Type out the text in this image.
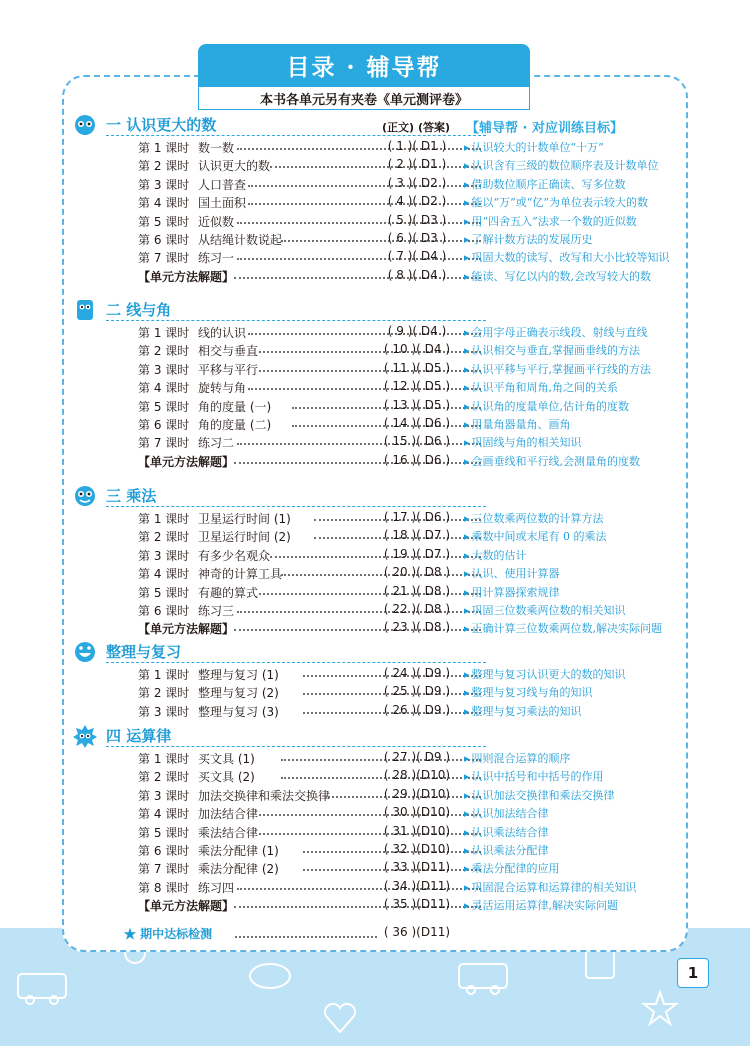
目录 · 辅导帮
本书各单元另有夹卷《单元测评卷》
(正文) (答案) 【辅导帮 · 对应训练目标】
一 认识更大的数
第 1 课时 数一数	( 1 )( D1 )	▸ 认识较大的计数单位“十万”
第 2 课时 认识更大的数	( 2 )( D1 )	▸ 认识含有三级的数位顺序表及计数单位
第 3 课时 人口普查	( 3 )( D2 )	▸ 借助数位顺序正确读、写多位数
第 4 课时 国土面积	( 4 )( D2 )	▸ 能以“万”或“亿”为单位表示较大的数
第 5 课时 近似数	( 5 )( D3 )	▸ 用“四舍五入”法求一个数的近似数
第 6 课时 从结绳计数说起	( 6 )( D3 )	▸ 了解计数方法的发展历史
第 7 课时 练习一	( 7 )( D4 )	▸ 巩固大数的读写、改写和大小比较等知识
【单元方法解题】	( 8 )( D4 )	▸ 能读、写亿以内的数,会改写较大的数
二 线与角
第 1 课时 线的认识	( 9 )( D4 )	▸ 会用字母正确表示线段、射线与直线
第 2 课时 相交与垂直	( 10 )( D4 )	▸ 认识相交与垂直,掌握画垂线的方法
第 3 课时 平移与平行	( 11 )( D5 )	▸ 认识平移与平行,掌握画平行线的方法
第 4 课时 旋转与角	( 12 )( D5 )	▸ 认识平角和周角,角之间的关系
第 5 课时 角的度量 (一)	( 13 )( D5 )	▸ 认识角的度量单位,估计角的度数
第 6 课时 角的度量 (二)	( 14 )( D6 )	▸ 用量角器量角、画角
第 7 课时 练习二	( 15 )( D6 )	▸ 巩固线与角的相关知识
【单元方法解题】	( 16 )( D6 )	▸ 会画垂线和平行线,会测量角的度数
三 乘法
第 1 课时 卫星运行时间 (1)	( 17 )( D6 )	▸ 三位数乘两位数的计算方法
第 2 课时 卫星运行时间 (2)	( 18 )( D7 )	▸ 乘数中间或末尾有 0 的乘法
第 3 课时 有多少名观众	( 19 )( D7 )	▸ 大数的估计
第 4 课时 神奇的计算工具	( 20 )( D8 )	▸ 认识、使用计算器
第 5 课时 有趣的算式	( 21 )( D8 )	▸ 用计算器探索规律
第 6 课时 练习三	( 22 )( D8 )	▸ 巩固三位数乘两位数的相关知识
【单元方法解题】	( 23 )( D8 )	▸ 正确计算三位数乘两位数,解决实际问题
整理与复习
第 1 课时 整理与复习 (1)	( 24 )( D9 )	▸ 整理与复习认识更大的数的知识
第 2 课时 整理与复习 (2)	( 25 )( D9 )	▸ 整理与复习线与角的知识
第 3 课时 整理与复习 (3)	( 26 )( D9 )	▸ 整理与复习乘法的知识
四 运算律
第 1 课时 买文具 (1)	( 27 )( D9 )	▸ 四则混合运算的顺序
第 2 课时 买文具 (2)	( 28 )(D10)	▸ 认识中括号和中括号的作用
第 3 课时 加法交换律和乘法交换律	( 29 )(D10)	▸ 认识加法交换律和乘法交换律
第 4 课时 加法结合律	( 30 )(D10)	▸ 认识加法结合律
第 5 课时 乘法结合律	( 31 )(D10)	▸ 认识乘法结合律
第 6 课时 乘法分配律 (1)	( 32 )(D10)	▸ 认识乘法分配律
第 7 课时 乘法分配律 (2)	( 33 )(D11)	▸ 乘法分配律的应用
第 8 课时 练习四	( 34 )(D11)	▸ 巩固混合运算和运算律的相关知识
【单元方法解题】	( 35 )(D11)	▸ 灵活运用运算律,解决实际问题
★ 期中达标检测	( 36 )(D11)
1
